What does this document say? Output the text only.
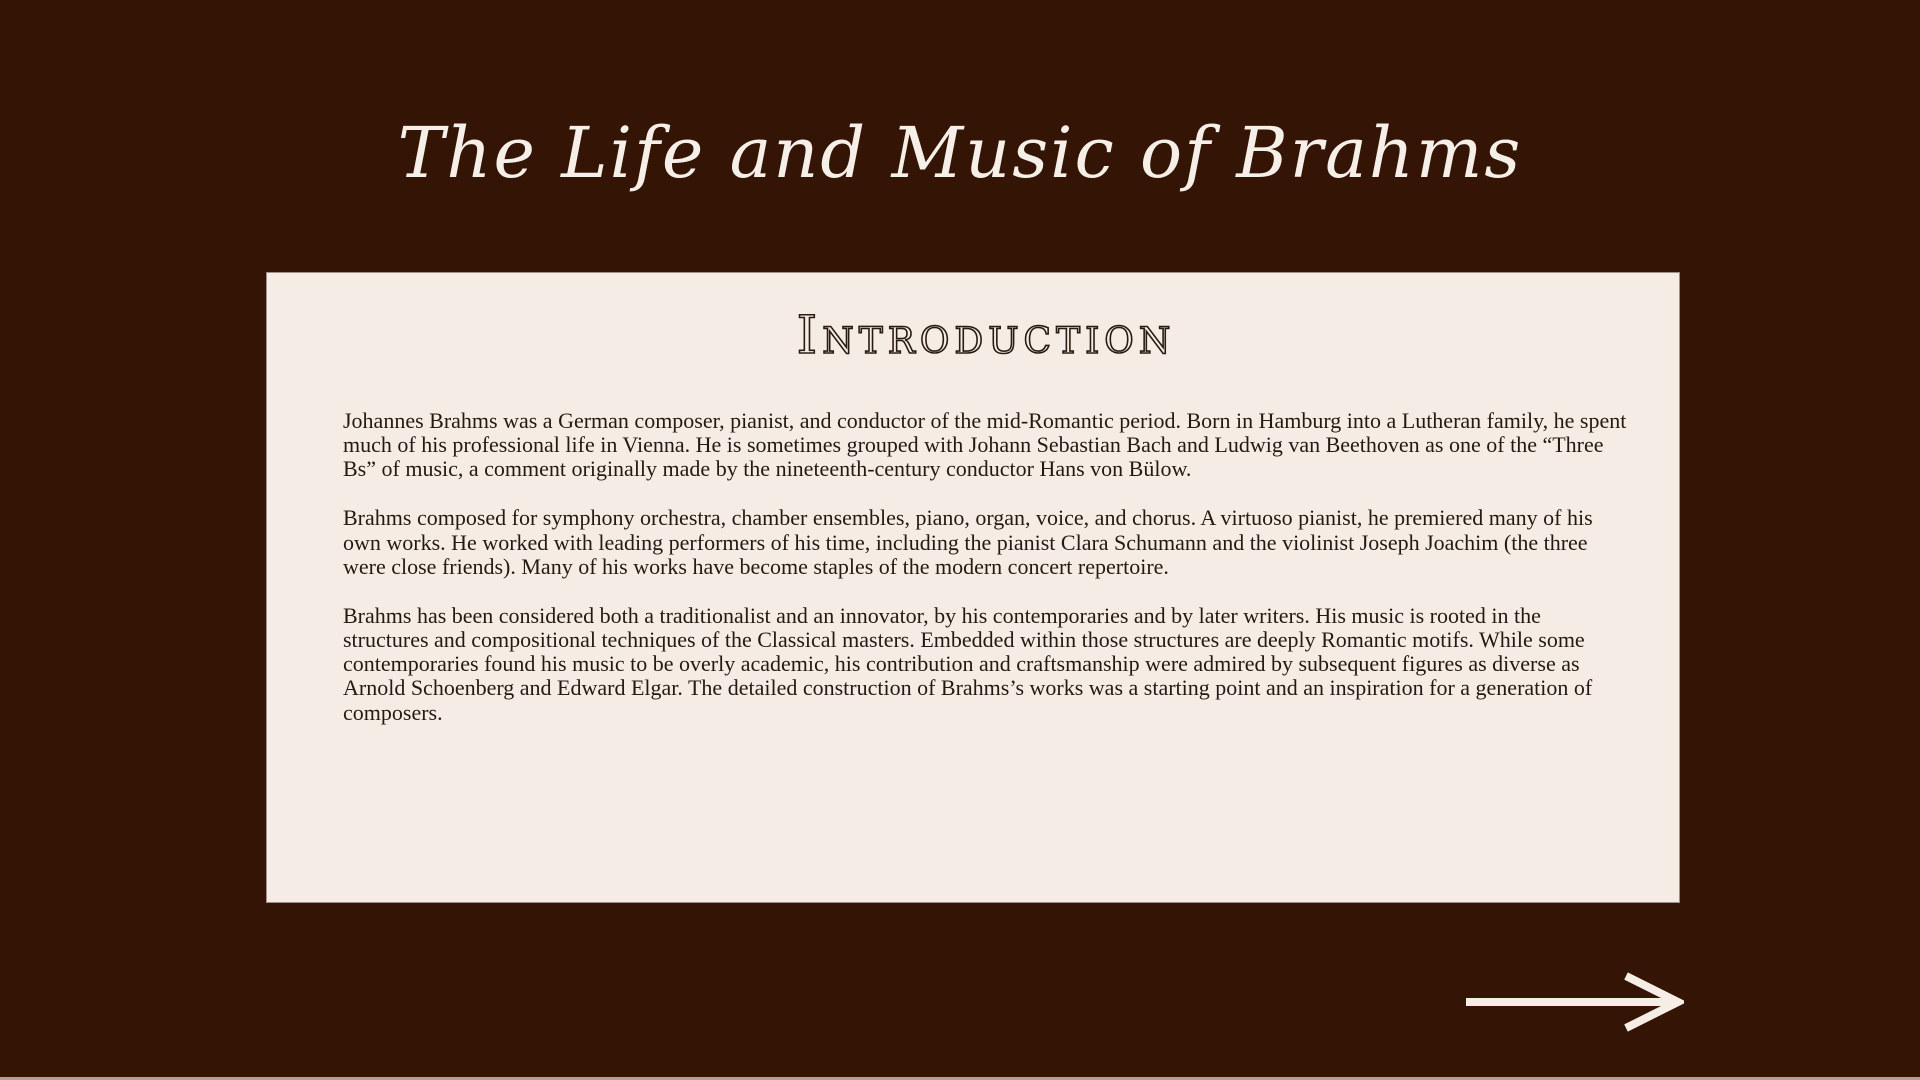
The Life and Music of Brahms
Introduction

Johannes Brahms was a German composer, pianist, and conductor of the mid-Romantic period. Born in Hamburg into a Lutheran family, he spent much of his professional life in Vienna. He is sometimes grouped with Johann Sebastian Bach and Ludwig van Beethoven as one of the “Three Bs” of music, a comment originally made by the nineteenth-century conductor Hans von Bülow.

Brahms composed for symphony orchestra, chamber ensembles, piano, organ, voice, and chorus. A virtuoso pianist, he premiered many of his own works. He worked with leading performers of his time, including the pianist Clara Schumann and the violinist Joseph Joachim (the three were close friends). Many of his works have become staples of the modern concert repertoire.

Brahms has been considered both a traditionalist and an innovator, by his contemporaries and by later writers. His music is rooted in the structures and compositional techniques of the Classical masters. Embedded within those structures are deeply Romantic motifs. While some contemporaries found his music to be overly academic, his contribution and craftsmanship were admired by subsequent figures as diverse as Arnold Schoenberg and Edward Elgar. The detailed construction of Brahms’s works was a starting point and an inspiration for a generation of composers.
